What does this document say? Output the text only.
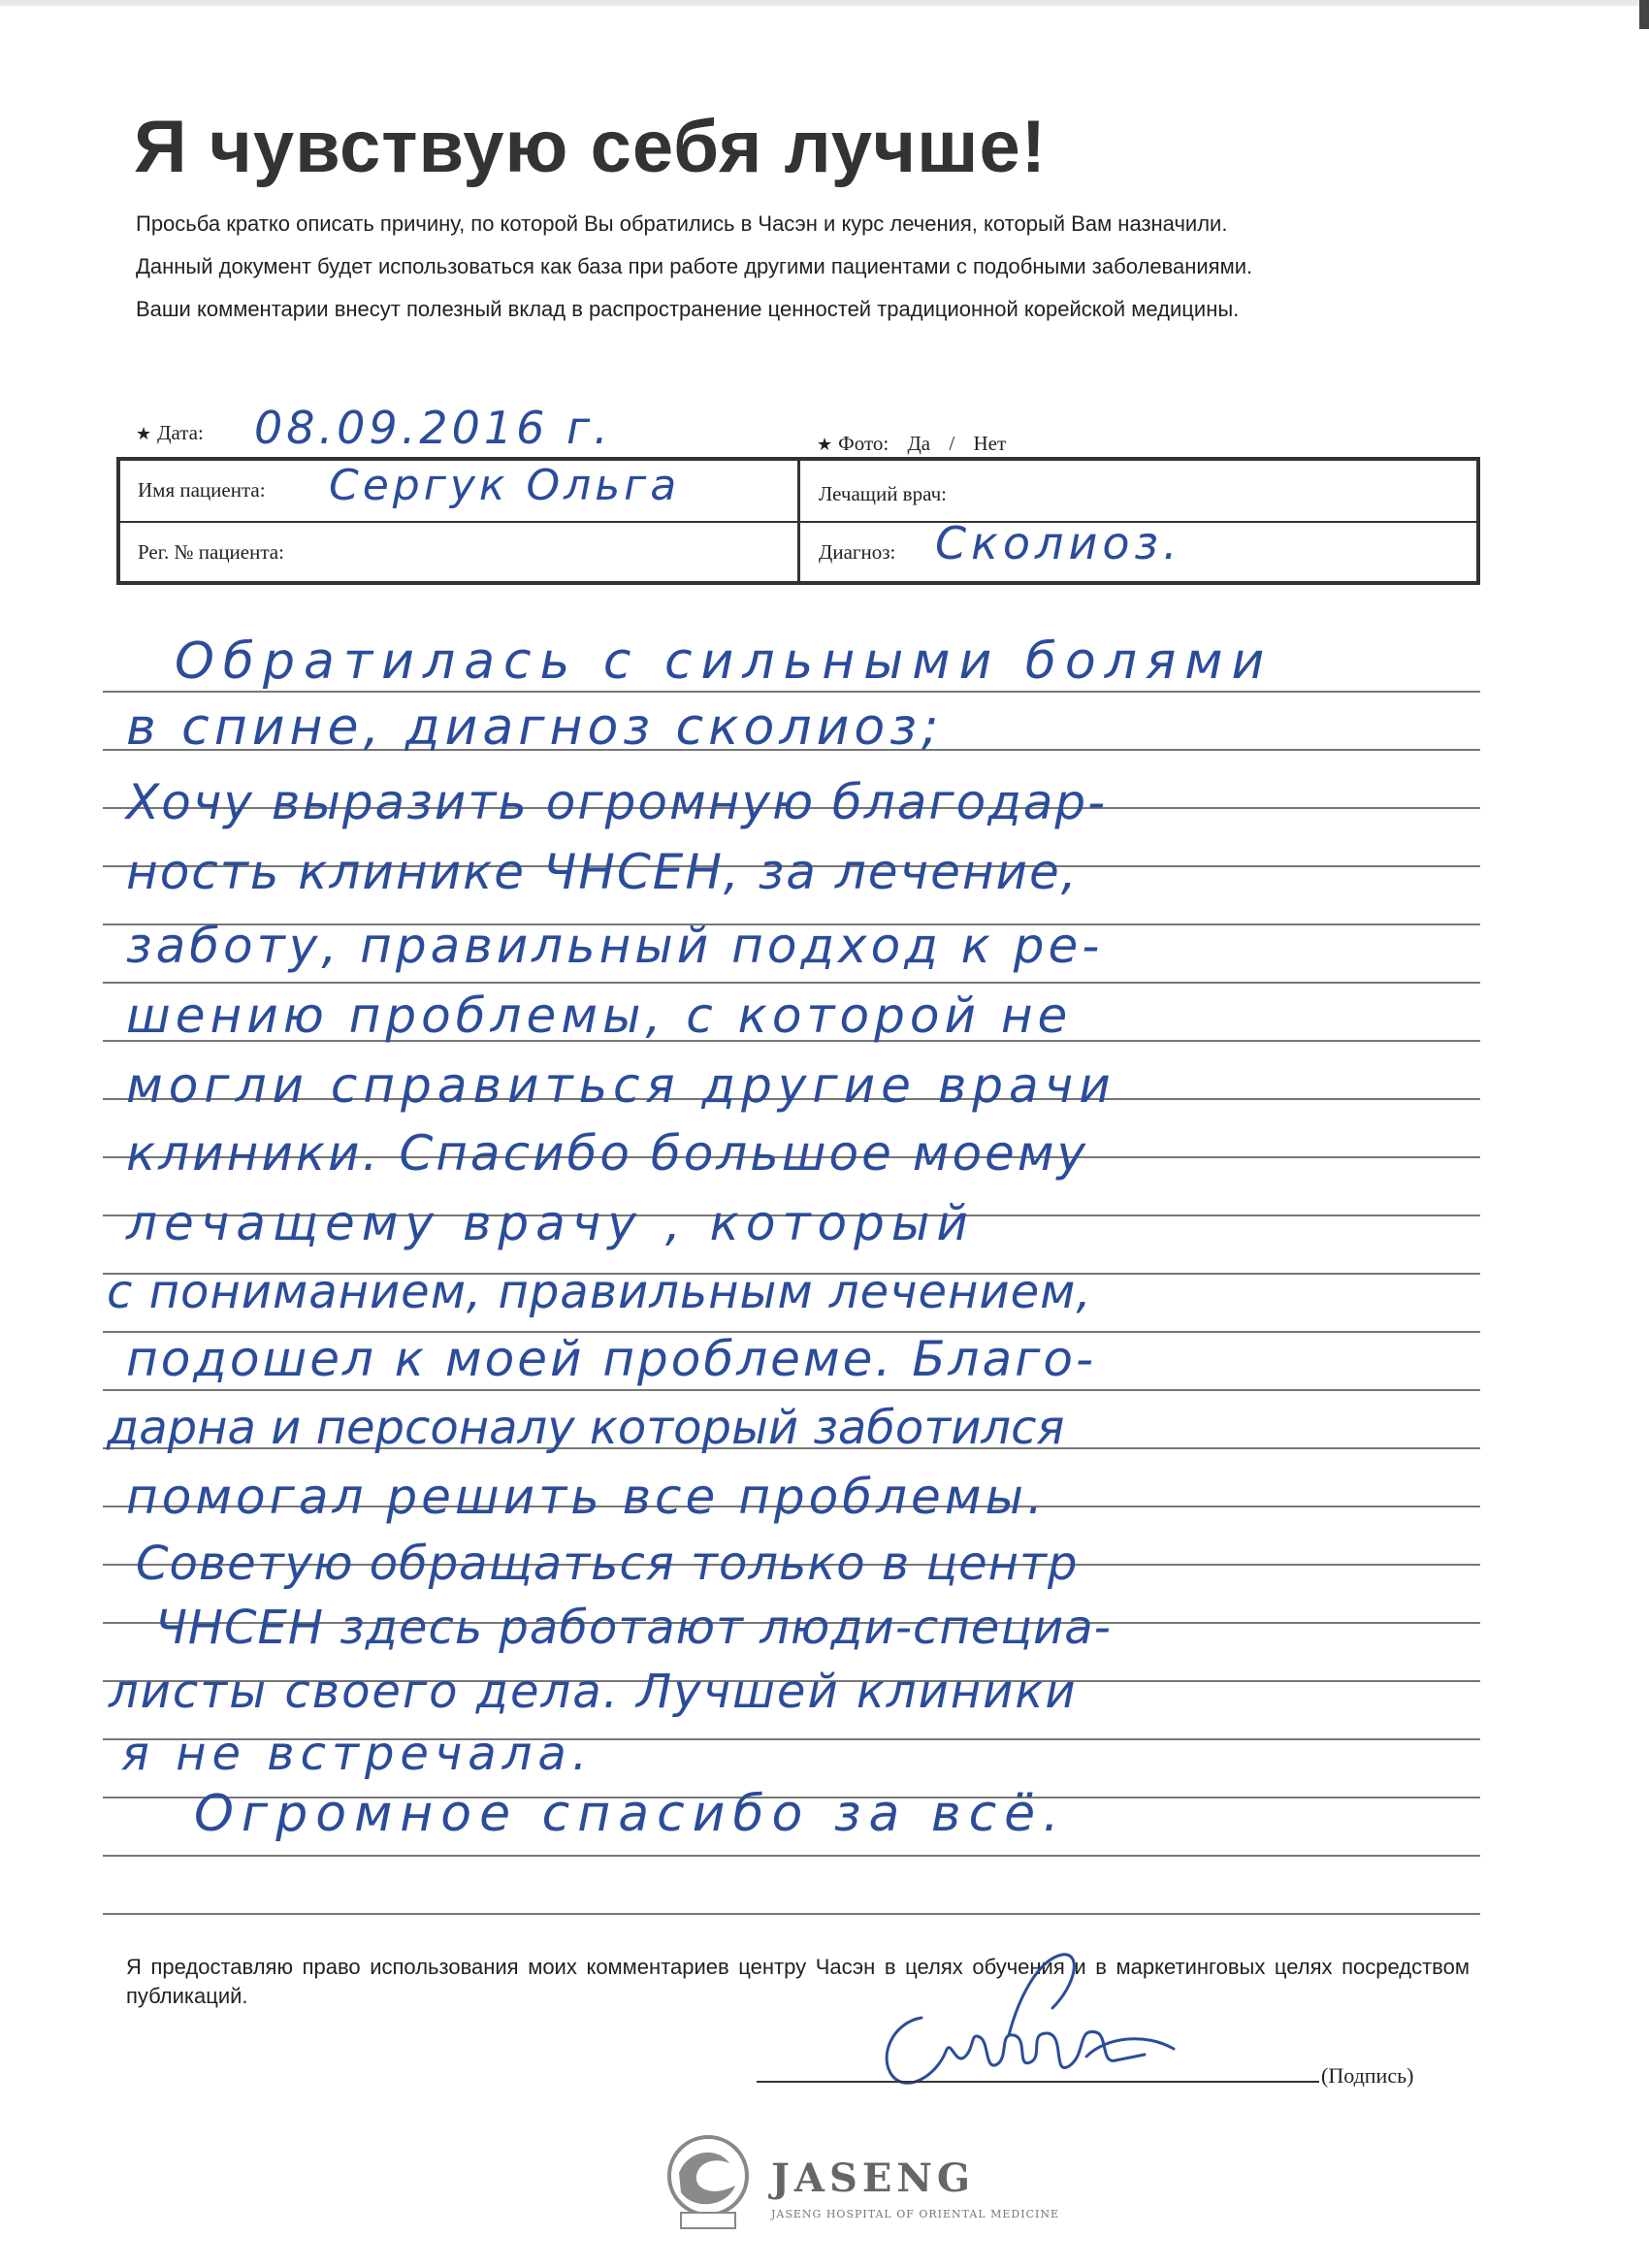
Я чувствую себя лучше!

Просьба кратко описать причину, по которой Вы обратились в Часэн и курс лечения, который Вам назначили.

Данный документ будет использоваться как база при работе другими пациентами с подобными заболеваниями.

Ваши комментарии внесут полезный вклад в распространение ценностей традиционной корейской медицины.

★ Дата: 08.09.2016 г.	★ Фото: Да / Нет
Имя пациента: Сергук Ольга	Лечащий врач:
Рег. № пациента:	Диагноз: Сколиоз.
Обратилась с сильными болями
в спине, диагноз сколиоз;
Хочу выразить огромную благодар-
ность клинике ЧНСЕН, за лечение,
заботу, правильный подход к ре-
шению проблемы, с которой не
могли справиться другие врачи
клиники. Спасибо большое моему
лечащему врачу , который
с пониманием, правильным лечением,
подошел к моей проблеме. Благо-
дарна и персоналу который заботился
помогал решить все проблемы.
Советую обращаться только в центр
ЧНСЕН здесь работают люди-специа-
листы своего дела. Лучшей клиники
я не встречала.
Огромное спасибо за всё.

Я предоставляю право использования моих комментариев центру Часэн в целях обучения и в маркетинговых целях посредством публикаций.

(Подпись)
JASENG
JASENG HOSPITAL OF ORIENTAL MEDICINE
